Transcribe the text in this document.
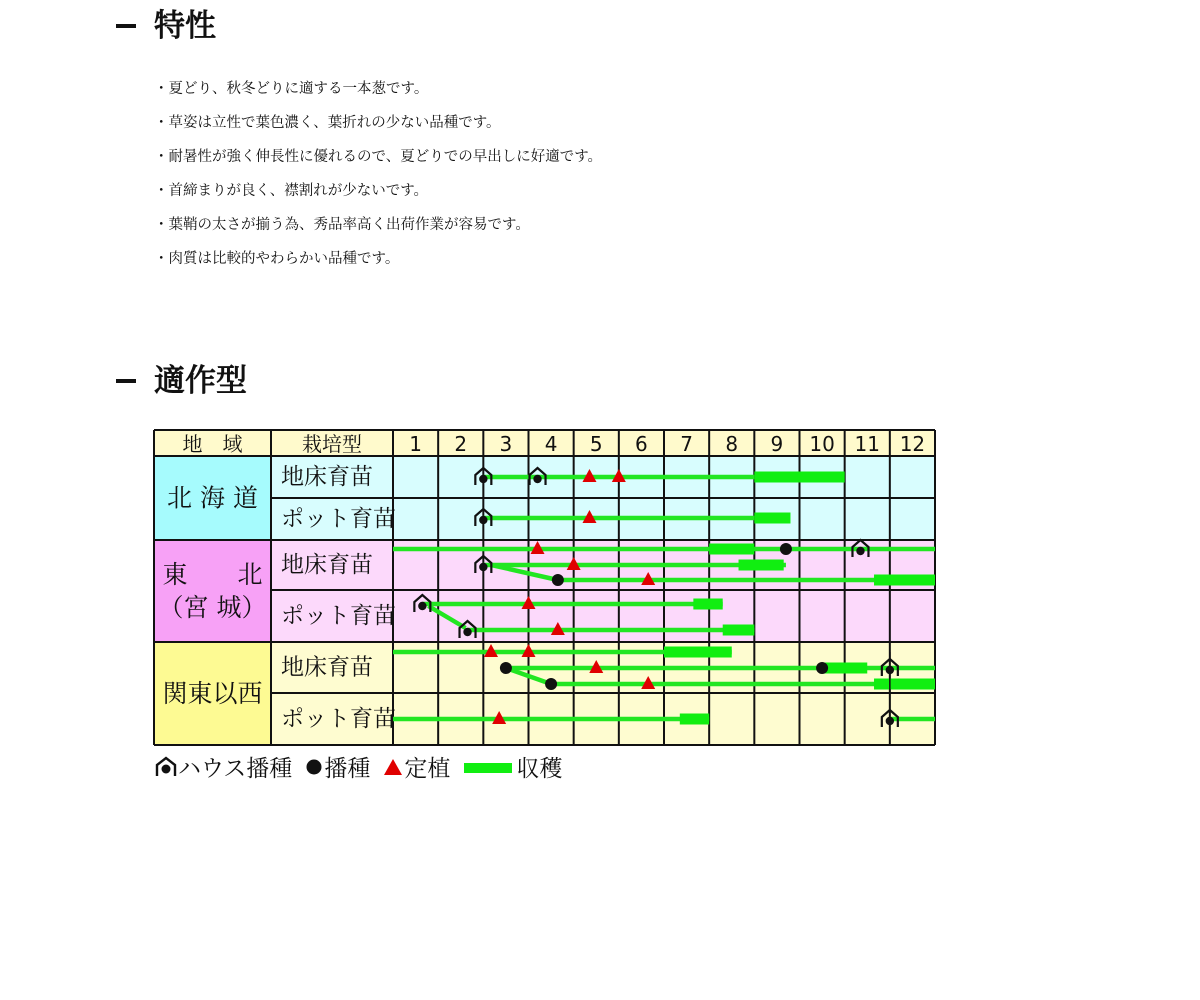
特性
・夏どり、秋冬どりに適する一本葱です。
・草姿は立性で葉色濃く、葉折れの少ない品種です。
・耐暑性が強く伸長性に優れるので、夏どりでの早出しに好適です。
・首締まりが良く、襟割れが少ないです。
・葉鞘の太さが揃う為、秀品率高く出荷作業が容易です。
・肉質は比較的やわらかい品種です。
適作型
地　域	栽培型 1 2 3 4 5 6 7 8 9 10 11 12
北 海 道
地床育苗
ポット育苗
東　　北
（宮 城）
地床育苗
ポット育苗
関東以西
地床育苗
ポット育苗
ハウス播種 播種 定植	収穫
